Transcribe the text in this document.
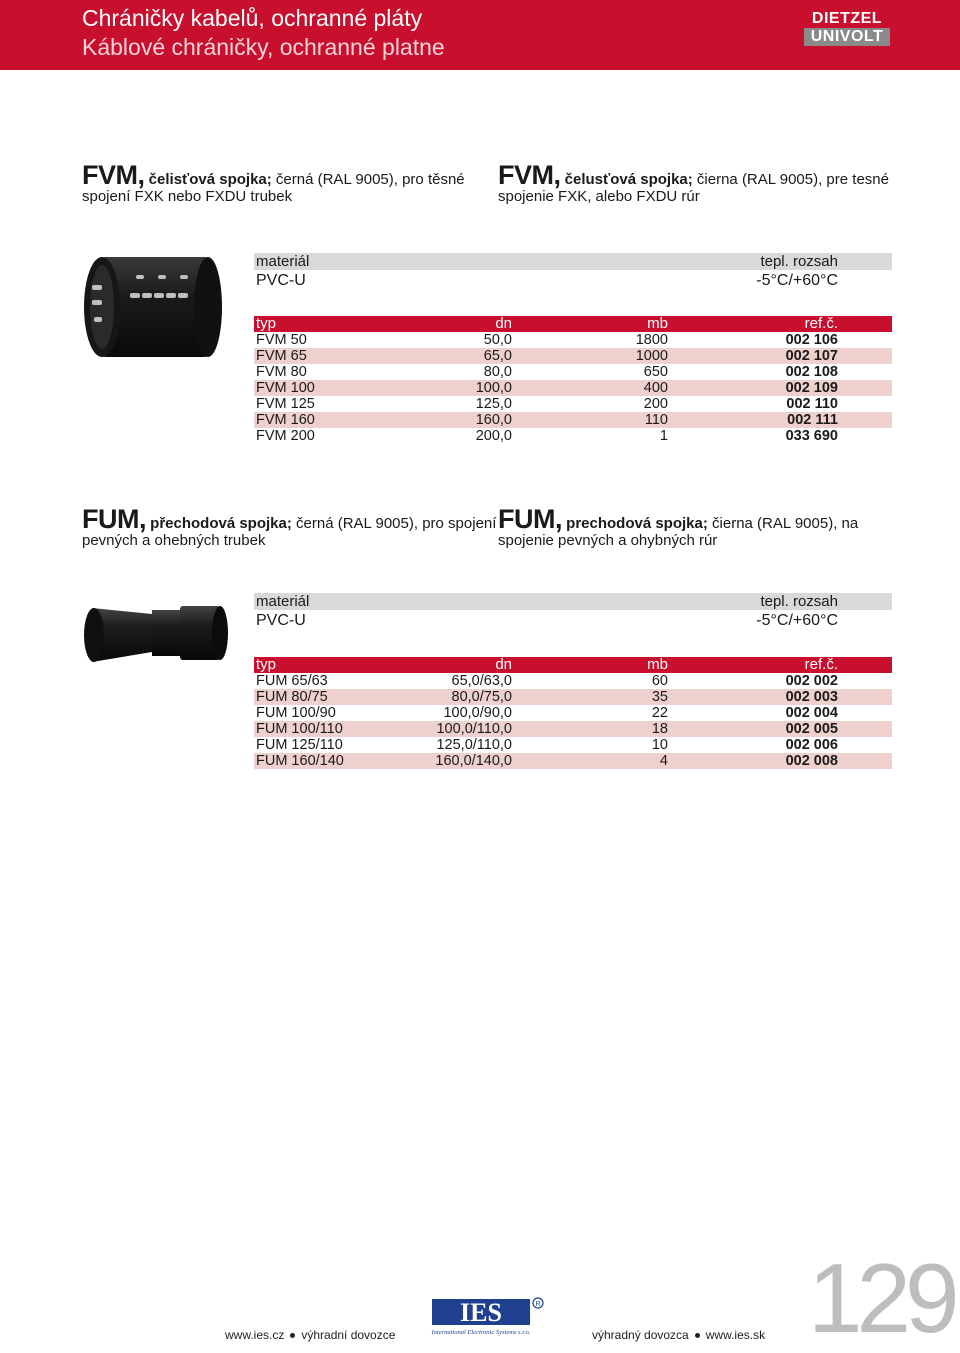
Chráničky kabelů, ochranné pláty
Káblové chráničky, ochranné platne
DIETZEL
UNIVOLT
FVM, čelisťová spojka; černá (RAL 9005), pro těsné
spojení FXK nebo FXDU trubek
FVM, čelusťová spojka; čierna (RAL 9005), pre tesné
spojenie FXK, alebo FXDU rúr
materiál	tepl. rozsah
PVC-U	-5°C/+60°C
typ	dn	mb	ref.č.
FVM 50	50,0	1800	002 106
FVM 65	65,0	1000	002 107
FVM 80	80,0	650	002 108
FVM 100	100,0	400	002 109
FVM 125	125,0	200	002 110
FVM 160	160,0	110	002 111
FVM 200	200,0	1	033 690
FUM, přechodová spojka; černá (RAL 9005), pro spojení
pevných a ohebných trubek
FUM, prechodová spojka; čierna (RAL 9005), na
spojenie pevných a ohybných rúr
materiál	tepl. rozsah
PVC-U	-5°C/+60°C
typ	dn	mb	ref.č.
FUM 65/63	65,0/63,0	60	002 002
FUM 80/75	80,0/75,0	35	002 003
FUM 100/90	100,0/90,0	22	002 004
FUM 100/110	100,0/110,0	18	002 005
FUM 125/110	125,0/110,0	10	002 006
FUM 160/140	160,0/140,0	4	002 008
www.ies.cz výhradní dovozce
IES	R
International Electronic Systems s.r.o.	výhradný dovozca www.ies.sk 129
